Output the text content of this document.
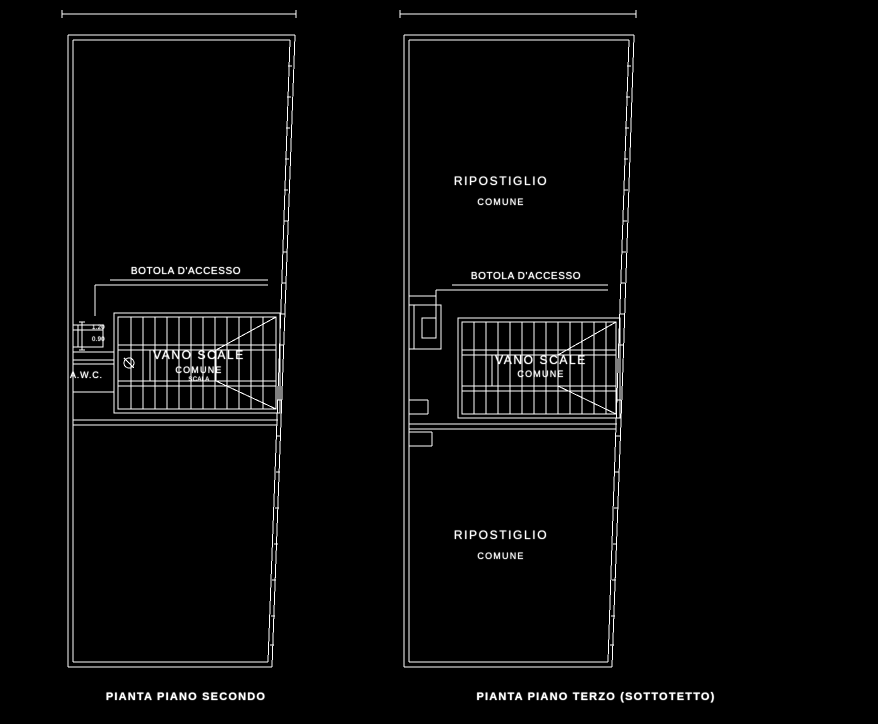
BOTOLA D'ACCESSO
VANO SCALE
COMUNE
A.W.C.
1.20
0.90
SCALA
PIANTA PIANO SECONDO
RIPOSTIGLIO
COMUNE
BOTOLA D'ACCESSO
VANO SCALE
COMUNE
RIPOSTIGLIO
COMUNE
PIANTA PIANO TERZO (SOTTOTETTO)
